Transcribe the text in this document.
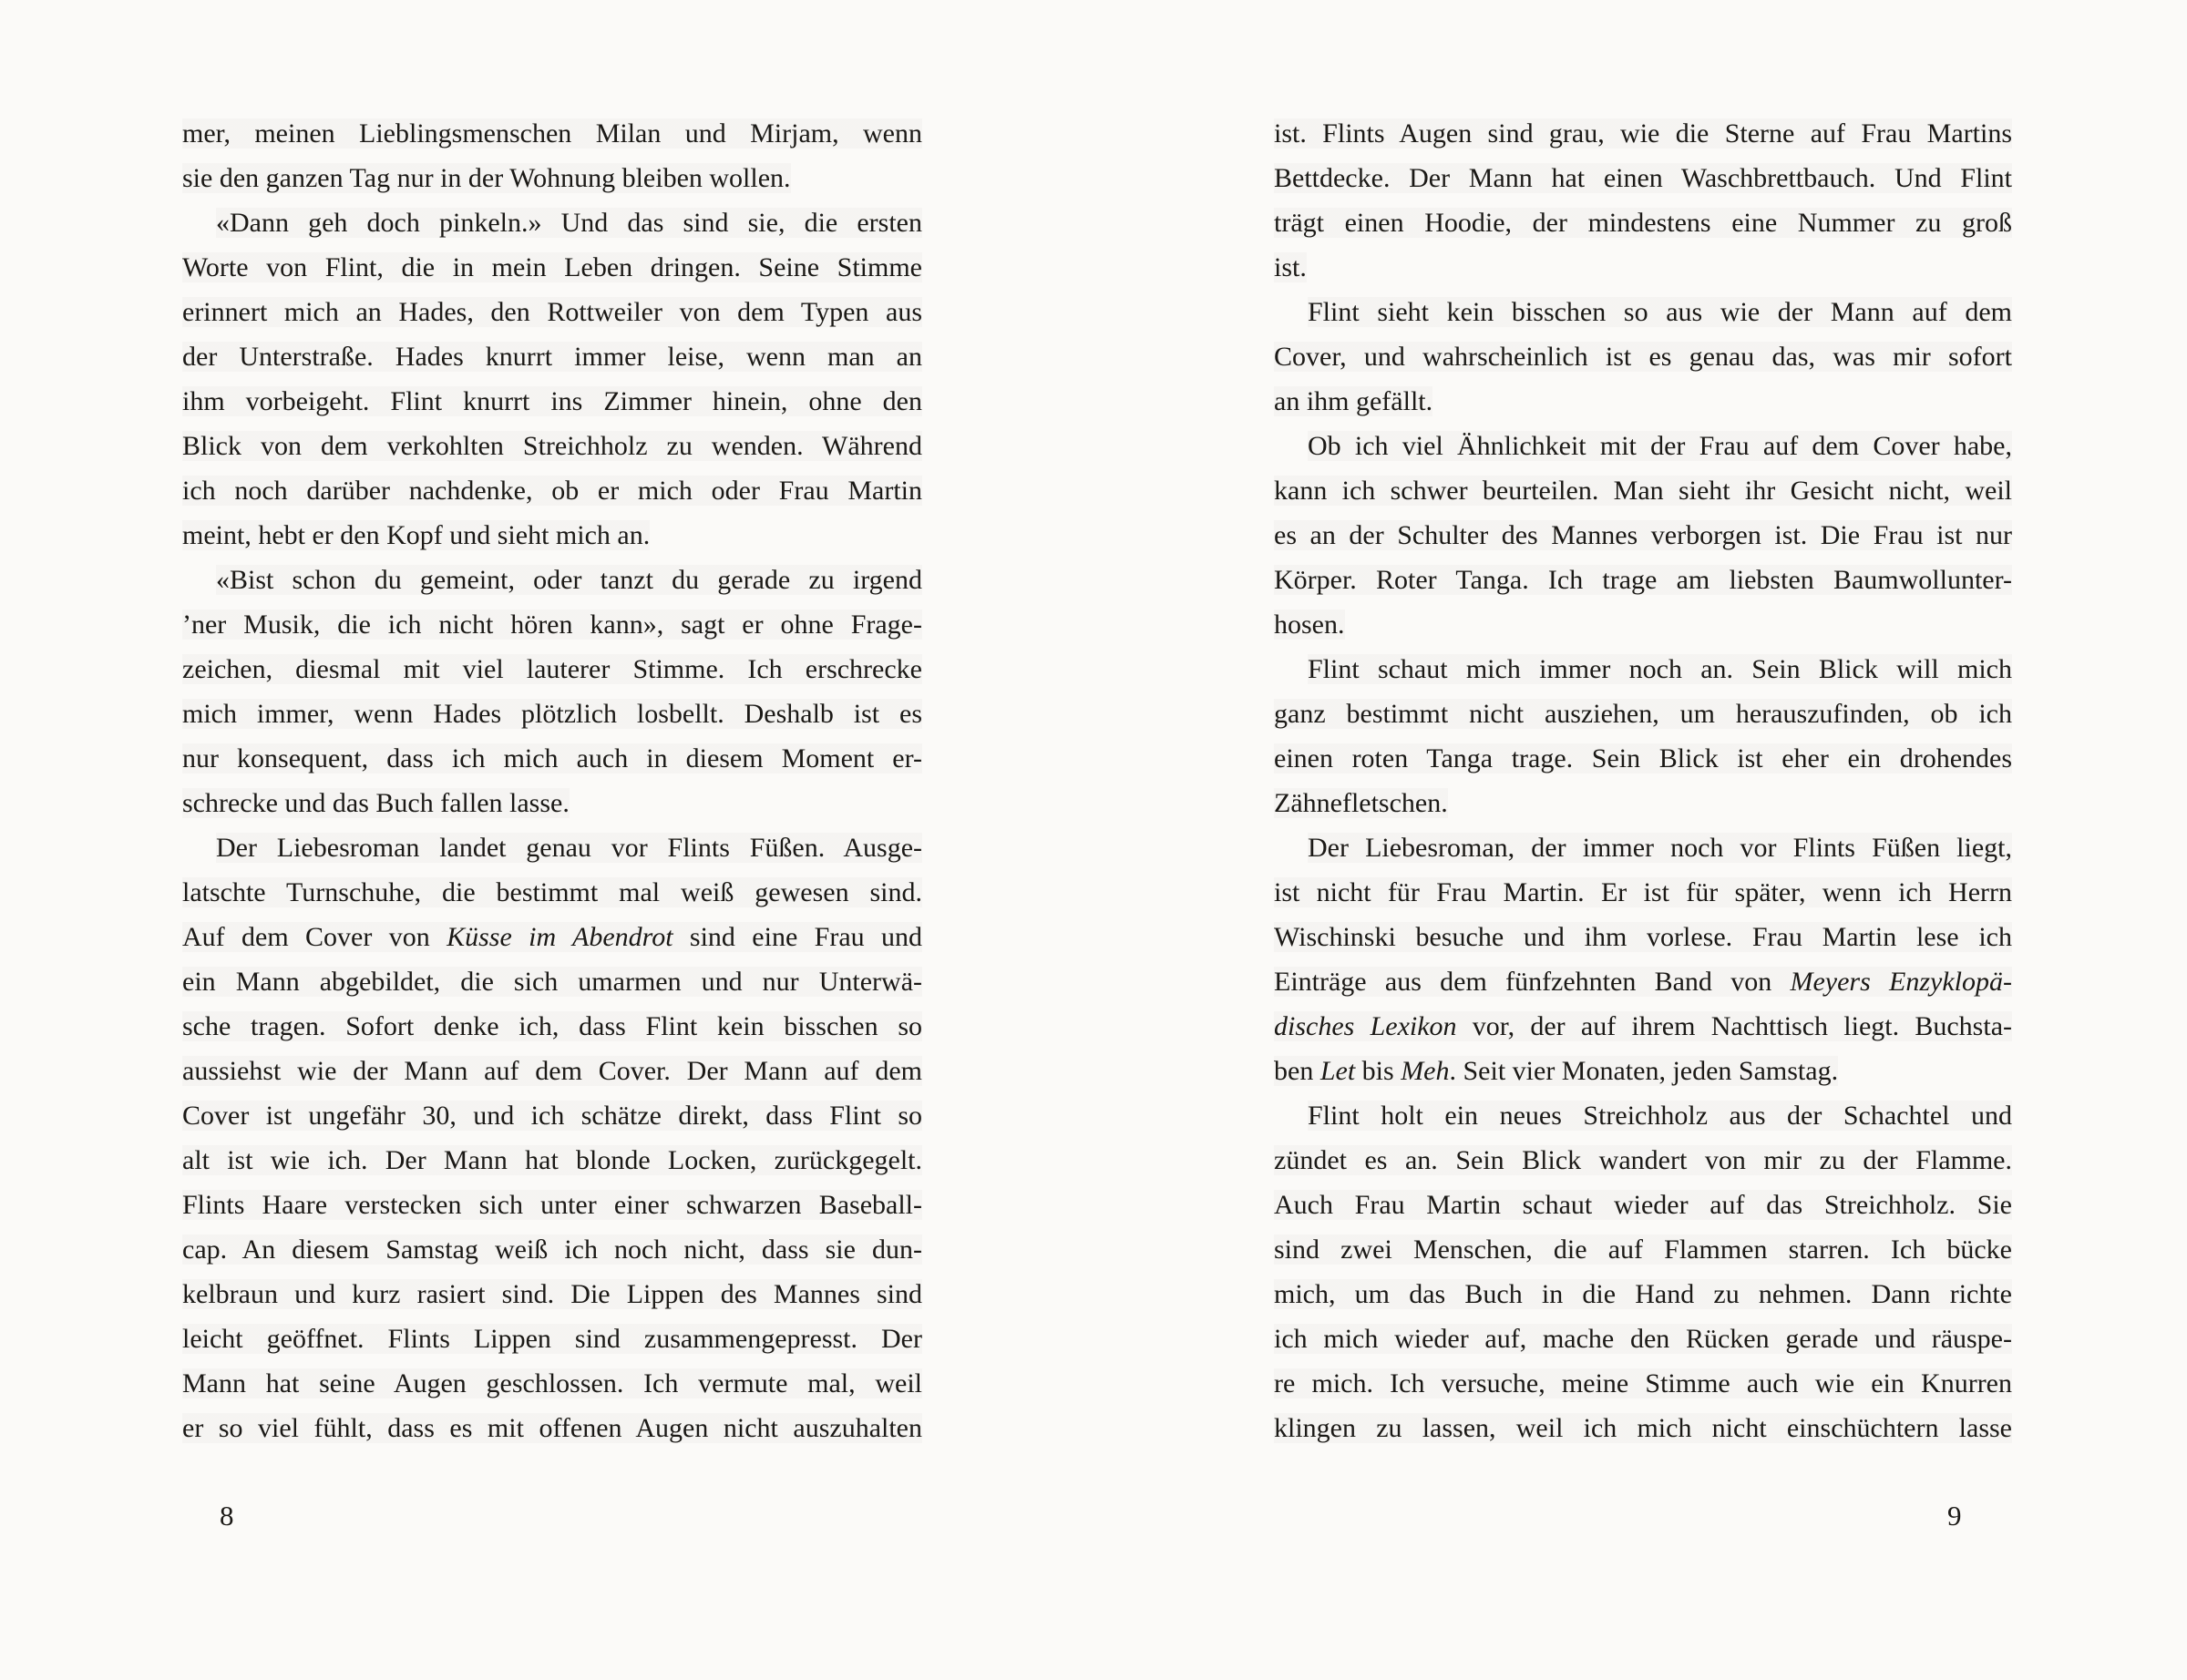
mer, meinen Lieblingsmenschen Milan und Mirjam, wenn
sie den ganzen Tag nur in der Wohnung bleiben wollen.
«Dann geh doch pinkeln.» Und das sind sie, die ersten
Worte von Flint, die in mein Leben dringen. Seine Stimme
erinnert mich an Hades, den Rottweiler von dem Typen aus
der Unterstraße. Hades knurrt immer leise, wenn man an
ihm vorbeigeht. Flint knurrt ins Zimmer hinein, ohne den
Blick von dem verkohlten Streichholz zu wenden. Während
ich noch darüber nachdenke, ob er mich oder Frau Martin
meint, hebt er den Kopf und sieht mich an.
«Bist schon du gemeint, oder tanzt du gerade zu irgend
’ner Musik, die ich nicht hören kann», sagt er ohne Frage-
zeichen, diesmal mit viel lauterer Stimme. Ich erschrecke
mich immer, wenn Hades plötzlich losbellt. Deshalb ist es
nur konsequent, dass ich mich auch in diesem Moment er-
schrecke und das Buch fallen lasse.
Der Liebesroman landet genau vor Flints Füßen. Ausge-
latschte Turnschuhe, die bestimmt mal weiß gewesen sind.
Auf dem Cover von Küsse im Abendrot sind eine Frau und
ein Mann abgebildet, die sich umarmen und nur Unterwä-
sche tragen. Sofort denke ich, dass Flint kein bisschen so
aussiehst wie der Mann auf dem Cover. Der Mann auf dem
Cover ist ungefähr 30, und ich schätze direkt, dass Flint so
alt ist wie ich. Der Mann hat blonde Locken, zurückgegelt.
Flints Haare verstecken sich unter einer schwarzen Baseball-
cap. An diesem Samstag weiß ich noch nicht, dass sie dun-
kelbraun und kurz rasiert sind. Die Lippen des Mannes sind
leicht geöffnet. Flints Lippen sind zusammengepresst. Der
Mann hat seine Augen geschlossen. Ich vermute mal, weil
er so viel fühlt, dass es mit offenen Augen nicht auszuhalten
8
ist. Flints Augen sind grau, wie die Sterne auf Frau Martins
Bettdecke. Der Mann hat einen Waschbrettbauch. Und Flint
trägt einen Hoodie, der mindestens eine Nummer zu groß
ist.
Flint sieht kein bisschen so aus wie der Mann auf dem
Cover, und wahrscheinlich ist es genau das, was mir sofort
an ihm gefällt.
Ob ich viel Ähnlichkeit mit der Frau auf dem Cover habe,
kann ich schwer beurteilen. Man sieht ihr Gesicht nicht, weil
es an der Schulter des Mannes verborgen ist. Die Frau ist nur
Körper. Roter Tanga. Ich trage am liebsten Baumwollunter-
hosen.
Flint schaut mich immer noch an. Sein Blick will mich
ganz bestimmt nicht ausziehen, um herauszufinden, ob ich
einen roten Tanga trage. Sein Blick ist eher ein drohendes
Zähnefletschen.
Der Liebesroman, der immer noch vor Flints Füßen liegt,
ist nicht für Frau Martin. Er ist für später, wenn ich Herrn
Wischinski besuche und ihm vorlese. Frau Martin lese ich
Einträge aus dem fünfzehnten Band von Meyers Enzyklopä-
disches Lexikon vor, der auf ihrem Nachttisch liegt. Buchsta-
ben Let bis Meh. Seit vier Monaten, jeden Samstag.
Flint holt ein neues Streichholz aus der Schachtel und
zündet es an. Sein Blick wandert von mir zu der Flamme.
Auch Frau Martin schaut wieder auf das Streichholz. Sie
sind zwei Menschen, die auf Flammen starren. Ich bücke
mich, um das Buch in die Hand zu nehmen. Dann richte
ich mich wieder auf, mache den Rücken gerade und räuspe-
re mich. Ich versuche, meine Stimme auch wie ein Knurren
klingen zu lassen, weil ich mich nicht einschüchtern lasse
9
